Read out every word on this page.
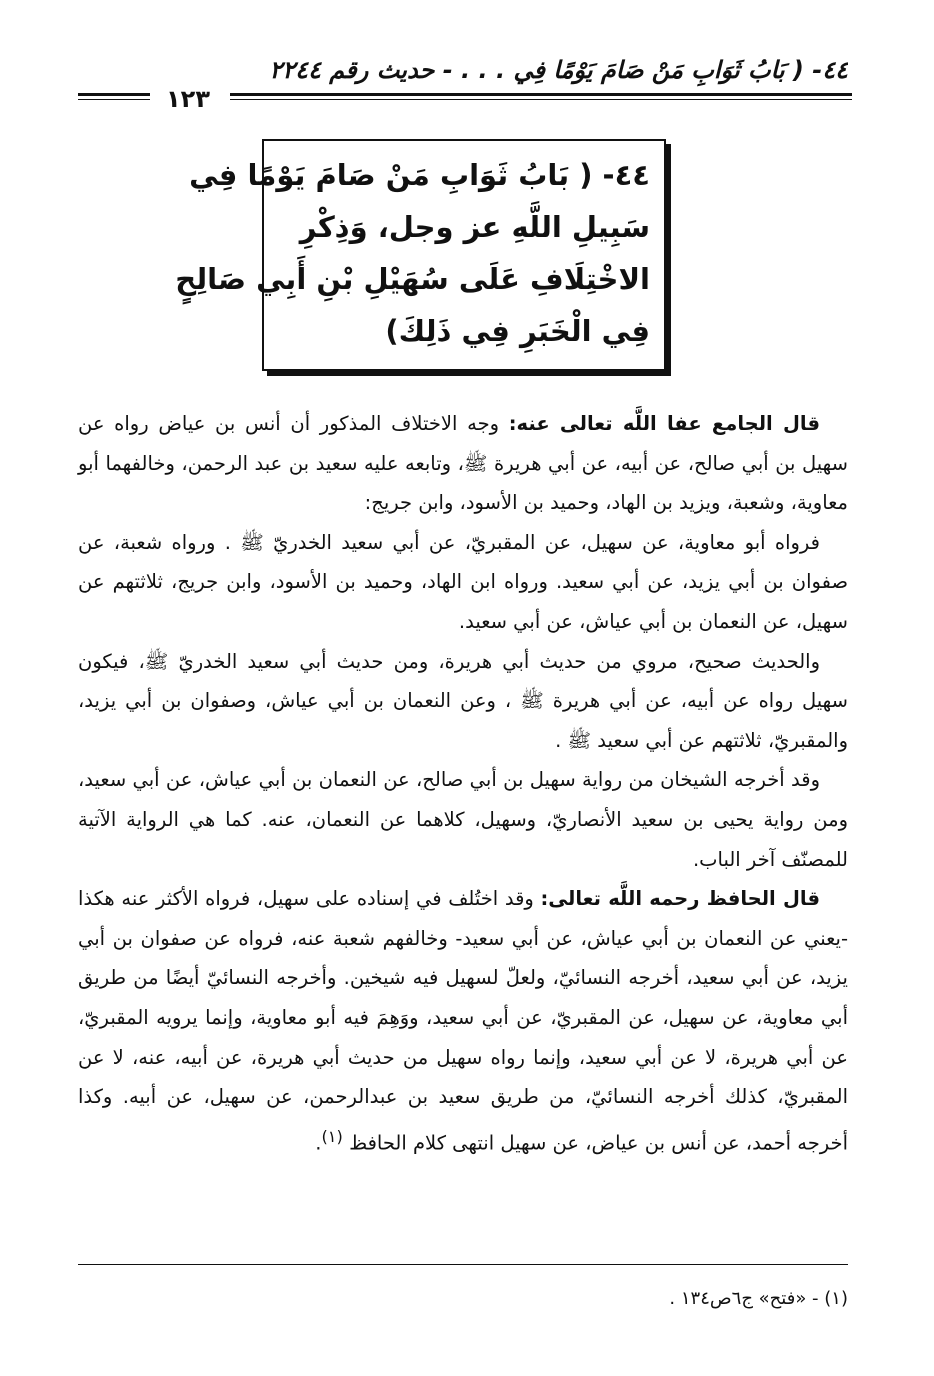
٤٤- ( بَابُ ثَوَابِ مَنْ صَامَ يَوْمًا فِي . . . - حديث رقم ٢٢٤٤
١٢٣
٤٤- ( بَابُ ثَوَابِ مَنْ صَامَ يَوْمًا فِي
سَبِيلِ اللَّهِ عز وجل، وَذِكْرِ
الاخْتِلَافِ عَلَى سُهَيْلِ بْنِ أَبِي صَالِحٍ
فِي الْخَبَرِ فِي ذَلِكَ)

قال الجامع عفا اللَّه تعالى عنه: وجه الاختلاف المذكور أن أنس بن عياض رواه عن سهيل بن أبي صالح، عن أبيه، عن أبي هريرة ﷺ، وتابعه عليه سعيد بن عبد الرحمن، وخالفهما أبو معاوية، وشعبة، ويزيد بن الهاد، وحميد بن الأسود، وابن جريج:

فرواه أبو معاوية، عن سهيل، عن المقبريّ، عن أبي سعيد الخدريّ ﷺ . ورواه شعبة، عن صفوان بن أبي يزيد، عن أبي سعيد. ورواه ابن الهاد، وحميد بن الأسود، وابن جريج، ثلاثتهم عن سهيل، عن النعمان بن أبي عياش، عن أبي سعيد.

والحديث صحيح، مروي من حديث أبي هريرة، ومن حديث أبي سعيد الخدريّ ﷺ، فيكون سهيل رواه عن أبيه، عن أبي هريرة ﷺ ، وعن النعمان بن أبي عياش، وصفوان بن أبي يزيد، والمقبريّ، ثلاثتهم عن أبي سعيد ﷺ .

وقد أخرجه الشيخان من رواية سهيل بن أبي صالح، عن النعمان بن أبي عياش، عن أبي سعيد، ومن رواية يحيى بن سعيد الأنصاريّ، وسهيل، كلاهما عن النعمان، عنه. كما هي الرواية الآتية للمصنّف آخر الباب.

قال الحافظ رحمه اللَّه تعالى: وقد اختُلف في إسناده على سهيل، فرواه الأكثر عنه هكذا -يعني عن النعمان بن أبي عياش، عن أبي سعيد- وخالفهم شعبة عنه، فرواه عن صفوان بن أبي يزيد، عن أبي سعيد، أخرجه النسائيّ، ولعلّ لسهيل فيه شيخين. وأخرجه النسائيّ أيضًا من طريق أبي معاوية، عن سهيل، عن المقبريّ، عن أبي سعيد، ووَهِمَ فيه أبو معاوية، وإنما يرويه المقبريّ، عن أبي هريرة، لا عن أبي سعيد، وإنما رواه سهيل من حديث أبي هريرة، عن أبيه، عنه، لا عن المقبريّ، كذلك أخرجه النسائيّ، من طريق سعيد بن عبدالرحمن، عن سهيل، عن أبيه. وكذا أخرجه أحمد، عن أنس بن عياض، عن سهيل انتهى كلام الحافظ $^{(١)}$.

(١) - «فتح» ج٦ص١٣٤ .
